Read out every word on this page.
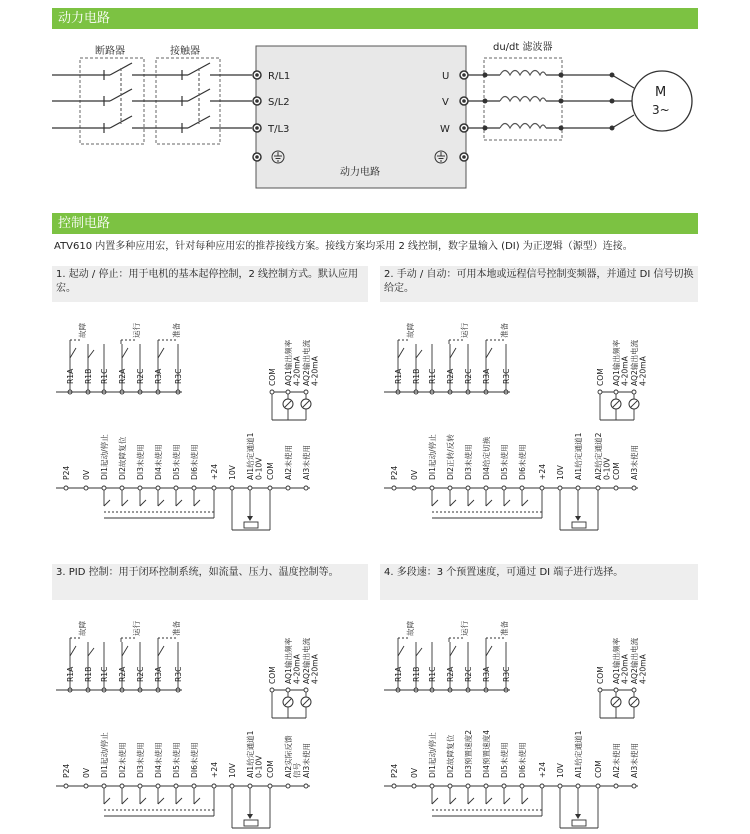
动力电路
断路器	接触器
R/L1
S/L2
T/L3
U
V
W
动力电路
du/dt 滤波器
M
3~
控制电路
ATV610 内置多种应用宏，针对每种应用宏的推荐接线方案。接线方案均采用 2 线控制，数字量输入 (DI) 为正逻辑（源型）连接。
1. 起动 / 停止：用于电机的基本起停控制，2 线控制方式。默认应用宏。
2. 手动 / 自动：可用本地或远程信号控制变频器，并通过 DI 信号切换给定。
3. PID 控制：用于闭环控制系统，如流量、压力、温度控制等。	4. 多段速：3 个预置速度，可通过 DI 端子进行选择。
故障	运行	准备
R1A R1B R1C R2A R2C R3A R3C	COM AQ1输出频率4-20mA AQ2输出电流4-20mA
P24 0V DI1起动/停止 DI2故障复位 DI3未使用 DI4未使用 DI5未使用 DI6未使用 +24 10V AI1给定通道10-10V COM AI2未使用 AI3未使用
故障	运行	准备
R1A R1B R1C R2A R2C R3A R3C	COM AQ1输出频率4-20mA AQ2输出电流4-20mA
P24 0V DI1起动/停止 DI2正转/反转 DI3未使用 DI4给定切换 DI5未使用 DI6未使用 +24 10V AI1给定通道1 AI2给定通道20-10V COM AI3未使用
故障	运行	准备
R1A R1B R1C R2A R2C R3A R3C	COM AQ1输出频率4-20mA AQ2输出电流4-20mA
P24 0V DI1起动/停止 DI2未使用 DI3未使用 DI4未使用 DI5未使用 DI6未使用 +24 10V AI1给定通道10-10V COM AI2实际反馈信号 AI3未使用
故障	运行	准备
R1A R1B R1C R2A R2C R3A R3C	COM AQ1输出频率4-20mA AQ2输出电流4-20mA
P24 0V DI1起动/停止 DI2故障复位 DI3预置速度2 DI4预置速度4 DI5未使用 DI6未使用 +24 10V AI1给定通道1 COM AI2未使用 AI3未使用
